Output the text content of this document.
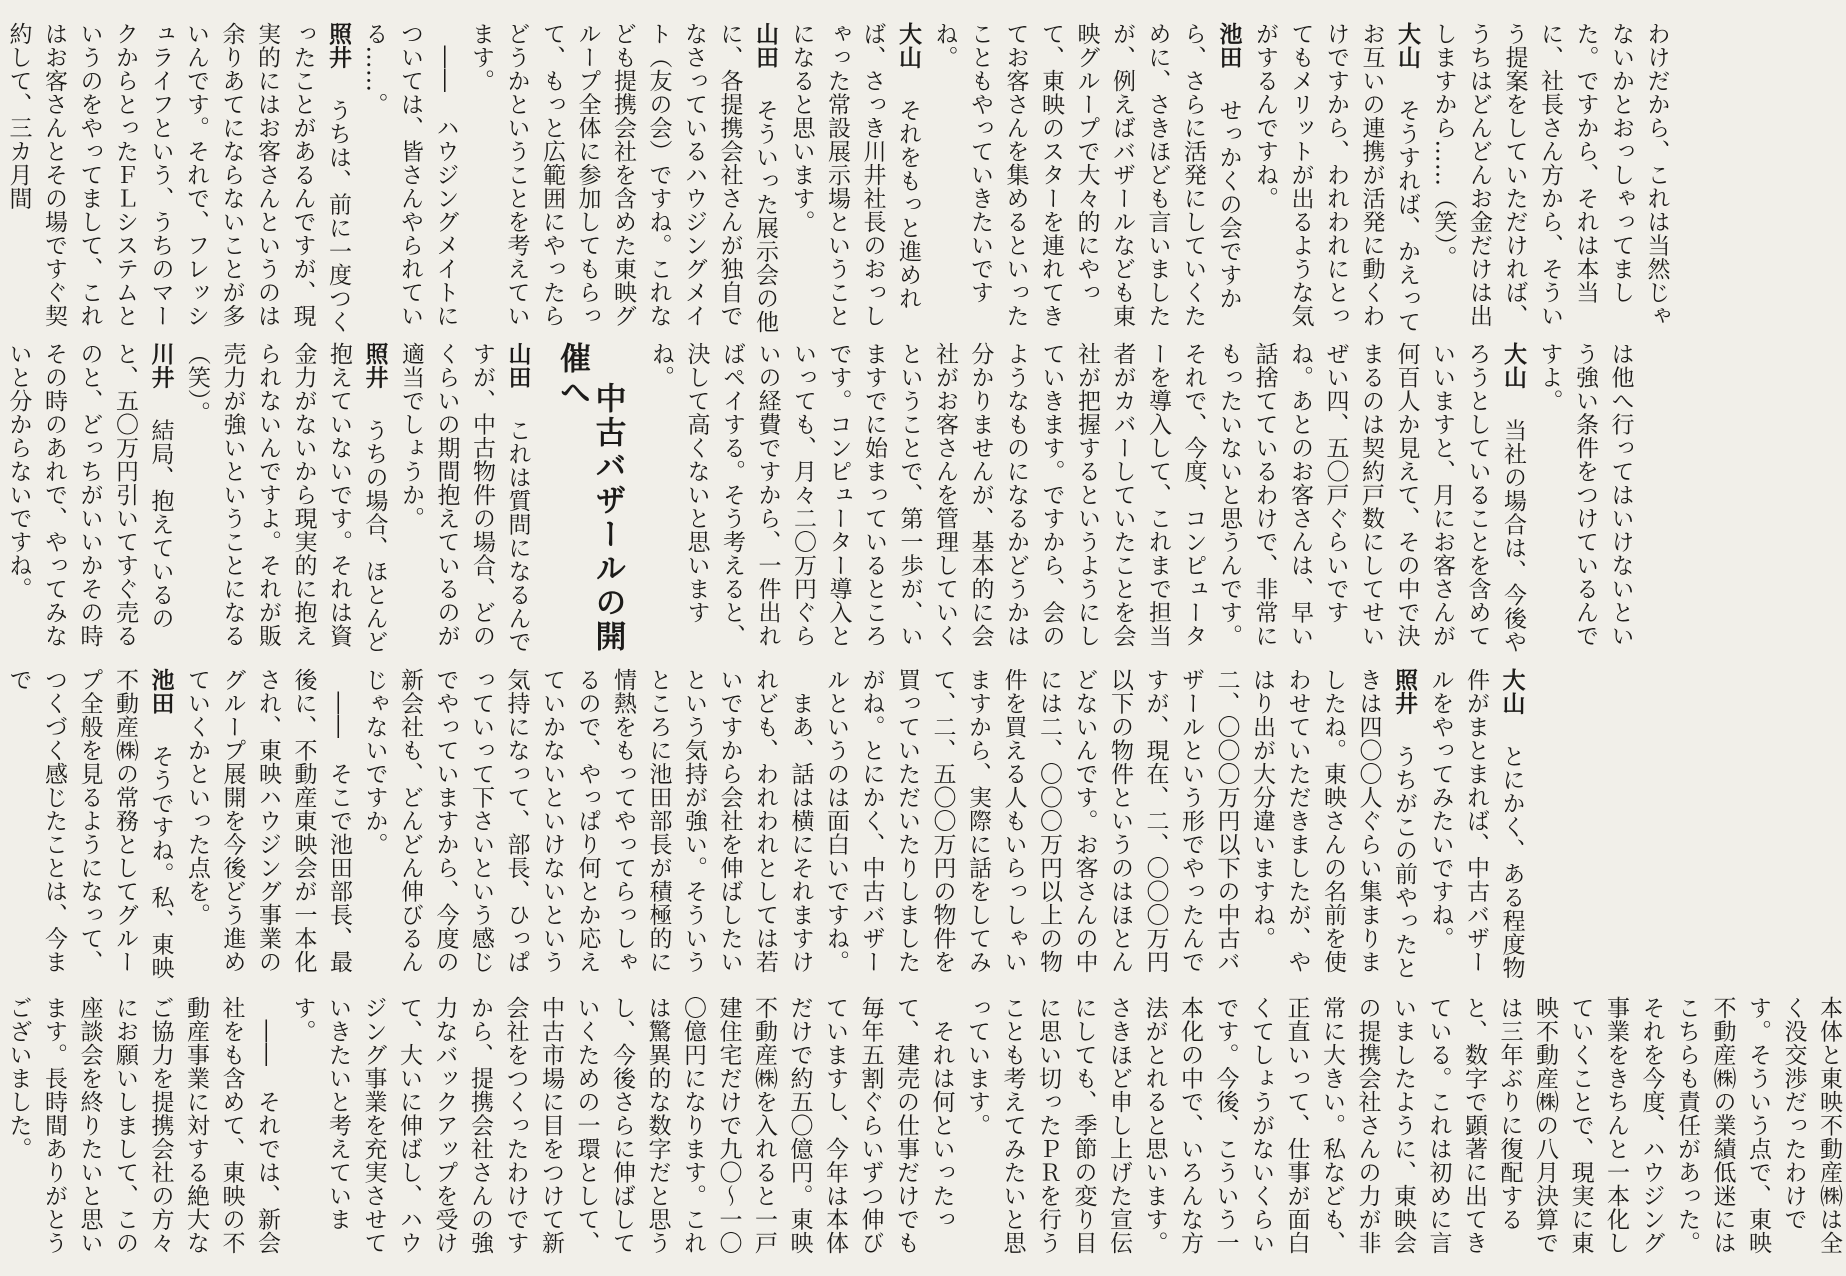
わけだから、これは当然じゃないかとおっしゃってました。ですから、それは本当に、社長さん方から、そういう提案をしていただければ、うちはどんどんお金だけは出しますから……（笑）。

大山　そうすれば、かえってお互いの連携が活発に動くわけですから、われわれにとってもメリットが出るような気がするんですね。

池田　せっかくの会ですから、さらに活発にしていくために、さきほども言いましたが、例えばバザールなども東映グループで大々的にやって、東映のスターを連れてきてお客さんを集めるといったこともやっていきたいですね。

大山　それをもっと進めれば、さっき川井社長のおっしゃった常設展示場ということになると思います。

山田　そういった展示会の他に、各提携会社さんが独自でなさっているハウジングメイト（友の会）ですね。これなども提携会社を含めた東映グループ全体に参加してもらって、もっと広範囲にやったらどうかということを考えています。

　――　ハウジングメイトについては、皆さんやられている……。

照井　うちは、前に一度つくったことがあるんですが、現実的にはお客さんというのは余りあてにならないことが多いんです。それで、フレッシュライフという、うちのマークからとったＦＬシステムというのをやってまして、これはお客さんとその場ですぐ契約して、三カ月間

は他へ行ってはいけないという強い条件をつけているんですよ。

大山　当社の場合は、今後やろうとしていることを含めていいますと、月にお客さんが何百人か見えて、その中で決まるのは契約戸数にしてせいぜい四、五〇戸ぐらいですね。あとのお客さんは、早い話捨てているわけで、非常にもったいないと思うんです。それで、今度、コンピューターを導入して、これまで担当者がカバーしていたことを会社が把握するというようにしていきます。ですから、会のようなものになるかどうかは分かりませんが、基本的に会社がお客さんを管理していくということで、第一歩が、いますでに始まっているところです。コンピューター導入といっても、月々二〇万円ぐらいの経費ですから、一件出ればペイする。そう考えると、決して高くないと思いますね。

中古バザールの開催へ

山田　これは質問になるんですが、中古物件の場合、どのくらいの期間抱えているのが適当でしょうか。

照井　うちの場合、ほとんど抱えていないです。それは資金力がないから現実的に抱えられないんですよ。それが販売力が強いということになる（笑）。

川井　結局、抱えているのと、五〇万円引いてすぐ売るのと、どっちがいいかその時その時のあれで、やってみないと分からないですね。

大山　とにかく、ある程度物件がまとまれば、中古バザールをやってみたいですね。

照井　うちがこの前やったときは四〇〇人ぐらい集まりましたね。東映さんの名前を使わせていただきましたが、やはり出が大分違いますね。二、〇〇〇万円以下の中古バザールという形でやったんですが、現在、二、〇〇〇万円以下の物件というのはほとんどないんです。お客さんの中には二、〇〇〇万円以上の物件を買える人もいらっしゃいますから、実際に話をしてみて、二、五〇〇万円の物件を買っていただいたりしましたがね。とにかく、中古バザールというのは面白いですね。

　まあ、話は横にそれますけれども、われわれとしては若いですから会社を伸ばしたいという気持が強い。そういうところに池田部長が積極的に情熱をもってやってらっしゃるので、やっぱり何とか応えていかないといけないという気持になって、部長、ひっぱっていって下さいという感じでやっていますから、今度の新会社も、どんどん伸びるんじゃないですか。

　――　そこで池田部長、最後に、不動産東映会が一本化され、東映ハウジング事業のグループ展開を今後どう進めていくかといった点を。

池田　そうですね。私、東映不動産㈱の常務としてグループ全般を見るようになって、つくづく感じたことは、今まで

本体と東映不動産㈱は全く没交渉だったわけです。そういう点で、東映不動産㈱の業績低迷にはこちらも責任があった。それを今度、ハウジング事業をきちんと一本化していくことで、現実に東映不動産㈱の八月決算では三年ぶりに復配すると、数字で顕著に出てきている。これは初めに言いましたように、東映会の提携会社さんの力が非常に大きい。私なども、正直いって、仕事が面白くてしょうがないくらいです。今後、こういう一本化の中で、いろんな方法がとれると思います。さきほど申し上げた宣伝にしても、季節の変り目に思い切ったＰＲを行うことも考えてみたいと思っています。

　それは何といったって、建売の仕事だけでも毎年五割ぐらいずつ伸びていますし、今年は本体だけで約五〇億円。東映不動産㈱を入れると一戸建住宅だけで九〇〜一〇〇億円になります。これは驚異的な数字だと思うし、今後さらに伸ばしていくための一環として、中古市場に目をつけて新会社をつくったわけですから、提携会社さんの強力なバックアップを受けて、大いに伸ばし、ハウジング事業を充実させていきたいと考えています。

　――　それでは、新会社をも含めて、東映の不動産事業に対する絶大なご協力を提携会社の方々にお願いしまして、この座談会を終りたいと思います。長時間ありがとうございました。
